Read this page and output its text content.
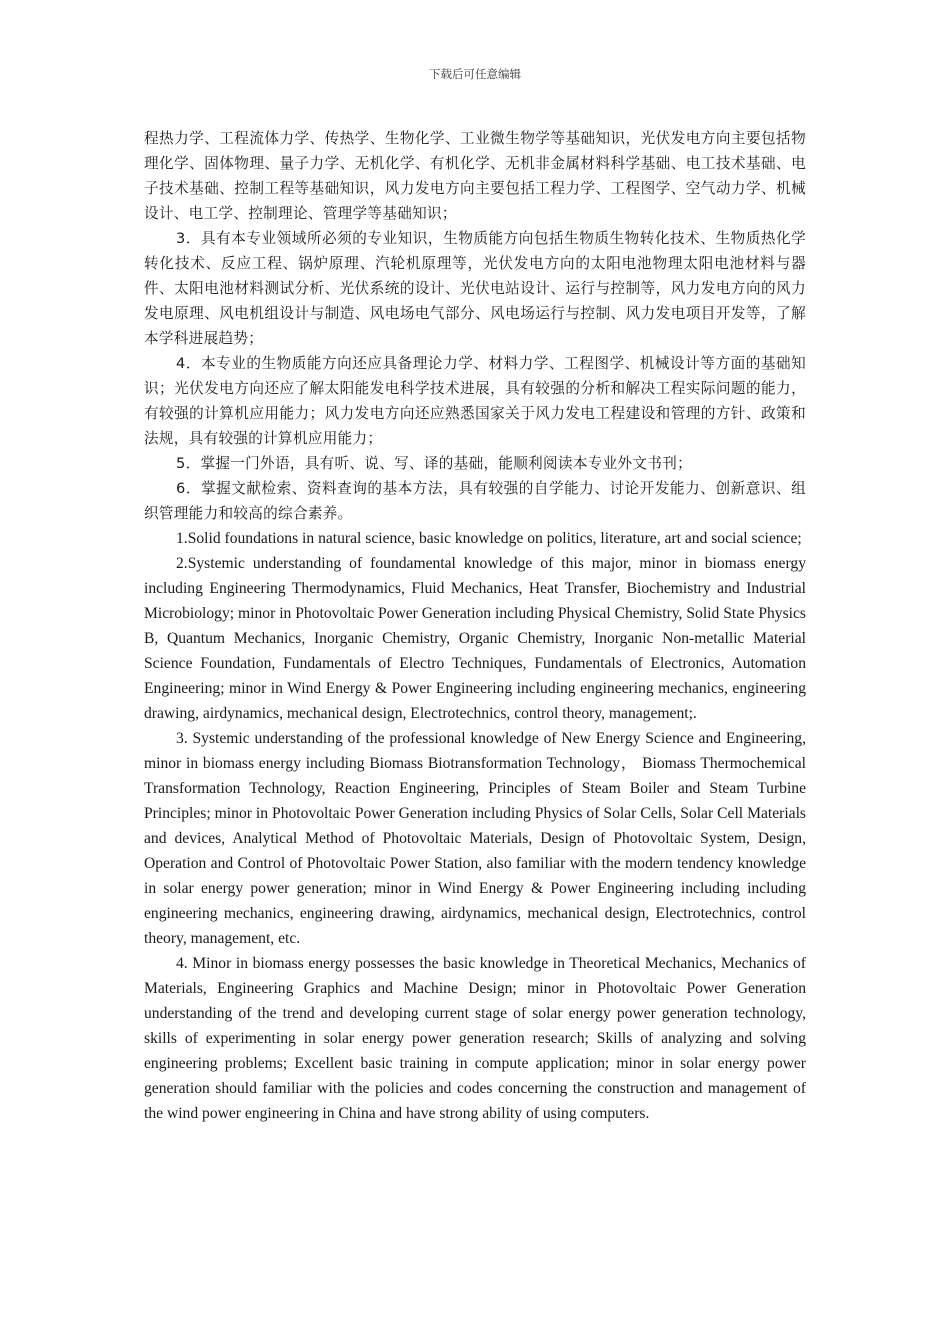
下载后可任意编辑

程热力学、工程流体力学、传热学、生物化学、工业微生物学等基础知识，光伏发电方向主要包括物理化学、固体物理、量子力学、无机化学、有机化学、无机非金属材料科学基础、电工技术基础、电子技术基础、控制工程等基础知识，风力发电方向主要包括工程力学、工程图学、空气动力学、机械设计、电工学、控制理论、管理学等基础知识；

3．具有本专业领域所必须的专业知识，生物质能方向包括生物质生物转化技术、生物质热化学转化技术、反应工程、锅炉原理、汽轮机原理等，光伏发电方向的太阳电池物理太阳电池材料与器件、太阳电池材料测试分析、光伏系统的设计、光伏电站设计、运行与控制等，风力发电方向的风力发电原理、风电机组设计与制造、风电场电气部分、风电场运行与控制、风力发电项目开发等，了解本学科进展趋势；

4．本专业的生物质能方向还应具备理论力学、材料力学、工程图学、机械设计等方面的基础知识；光伏发电方向还应了解太阳能发电科学技术进展，具有较强的分析和解决工程实际问题的能力，有较强的计算机应用能力；风力发电方向还应熟悉国家关于风力发电工程建设和管理的方针、政策和法规，具有较强的计算机应用能力；

5．掌握一门外语，具有听、说、写、译的基础，能顺利阅读本专业外文书刊；

6．掌握文献检索、资料查询的基本方法，具有较强的自学能力、讨论开发能力、创新意识、组织管理能力和较高的综合素养。

1.Solid foundations in natural science, basic knowledge on politics, literature, art and social science;

2.Systemic understanding of foundamental knowledge of this major, minor in biomass energy including Engineering Thermodynamics, Fluid Mechanics, Heat Transfer, Biochemistry and Industrial Microbiology; minor in Photovoltaic Power Generation including Physical Chemistry, Solid State Physics B, Quantum Mechanics, Inorganic Chemistry, Organic Chemistry, Inorganic Non-metallic Material Science Foundation, Fundamentals of Electro Techniques, Fundamentals of Electronics, Automation Engineering; minor in Wind Energy & Power Engineering including engineering mechanics, engineering drawing, airdynamics, mechanical design, Electrotechnics, control theory, management;.

3. Systemic understanding of the professional knowledge of New Energy Science and Engineering, minor in biomass energy including Biomass Biotransformation Technology， Biomass Thermochemical Transformation Technology, Reaction Engineering, Principles of Steam Boiler and Steam Turbine Principles; minor in Photovoltaic Power Generation including Physics of Solar Cells, Solar Cell Materials and devices, Analytical Method of Photovoltaic Materials, Design of Photovoltaic System, Design, Operation and Control of Photovoltaic Power Station, also familiar with the modern tendency knowledge in solar energy power generation; minor in Wind Energy & Power Engineering including including engineering mechanics, engineering drawing, airdynamics, mechanical design, Electrotechnics, control theory, management, etc.

4. Minor in biomass energy possesses the basic knowledge in Theoretical Mechanics, Mechanics of Materials, Engineering Graphics and Machine Design; minor in Photovoltaic Power Generation understanding of the trend and developing current stage of solar energy power generation technology, skills of experimenting in solar energy power generation research; Skills of analyzing and solving engineering problems; Excellent basic training in compute application; minor in solar energy power generation should familiar with the policies and codes concerning the construction and management of the wind power engineering in China and have strong ability of using computers.
